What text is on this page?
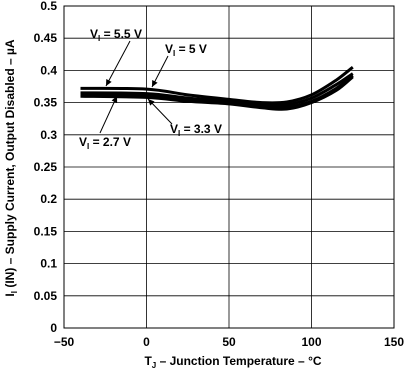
−50	0	50	100	150
0
0.05
0.1
0.15
0.2
0.25
0.3
0.35
0.4
0.45
0.5
$T_J$ – Junction Temperature – °C
$I_I$ (IN) – Supply Current, Output Disabled – µA
$V_I = 5.5$ V
$V_I = 5$ V
$V_I = 3.3$ V
$V_I = 2.7$ V
